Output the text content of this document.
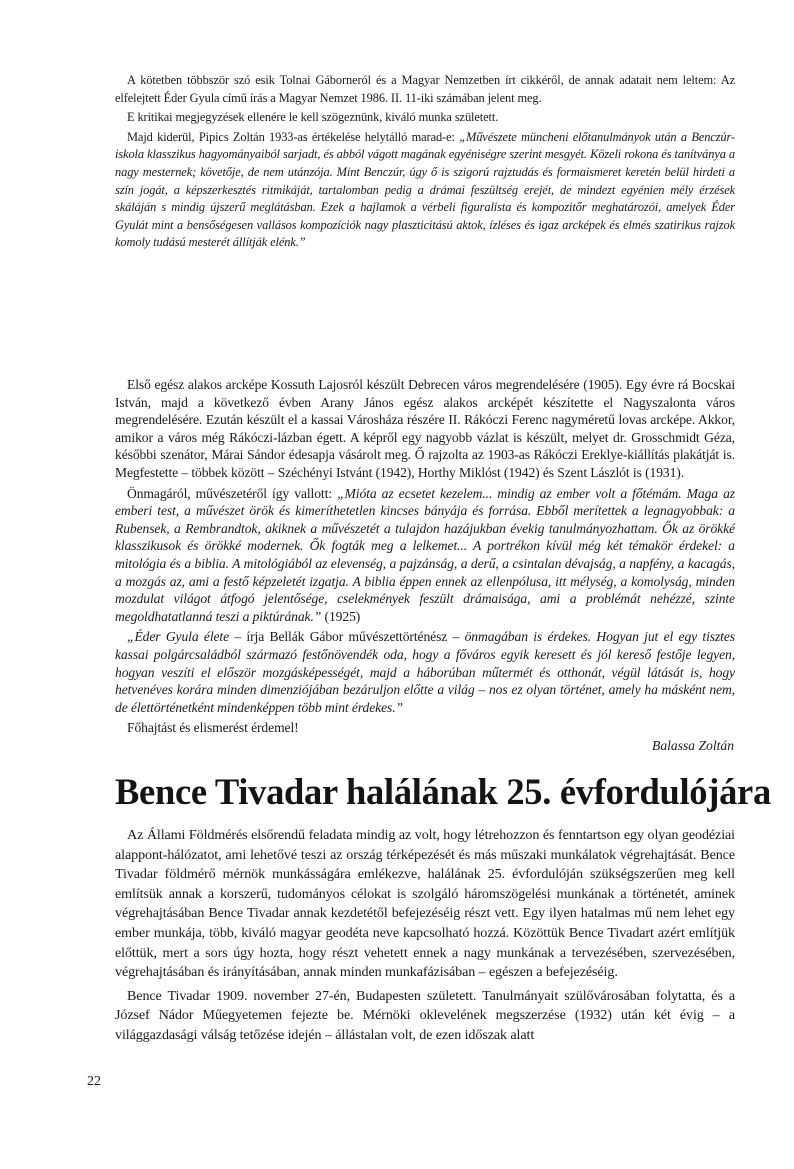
A kötetben többször szó esik Tolnai Gáborneról és a Magyar Nemzetben írt cikkéről, de annak adatait nem leltem: Az elfelejtett Éder Gyula című írás a Magyar Nemzet 1986. II. 11-iki számában jelent meg.

E kritikai megjegyzések ellenére le kell szögeznünk, kiváló munka született.

Majd kiderül, Pipics Zoltán 1933-as értékelése helytálló marad-e: „Művészete müncheni előtanulmányok után a Benczúr-iskola klasszikus hagyományaiból sarjadt, és abból vágott magának egyéniségre szerint mesgyét. Közeli rokona és tanítványa a nagy mesternek; követője, de nem utánzója. Mint Benczúr, úgy ő is szigorú rajztudás és formaismeret keretén belül hirdeti a szín jogát, a képszerkesztés ritmikáját, tartalomban pedig a drámai feszültség erejét, de mindezt egyénien mély érzések skáláján s mindig újszerű meglátásban. Ezek a hajlamok a vérbeli figuralista és kompozitőr meghatározói, amelyek Éder Gyulát mint a bensőségesen vallásos kompozíciók nagy plaszticitású aktok, ízléses és igaz arcképek és elmés szatirikus rajzok komoly tudású mesterét állítják elénk.”

Első egész alakos arcképe Kossuth Lajosról készült Debrecen város megrendelésére (1905). Egy évre rá Bocskai István, majd a következő évben Arany János egész alakos arcképét készítette el Nagyszalonta város megrendelésére. Ezután készült el a kassai Városháza részére II. Rákóczi Ferenc nagyméretű lovas arcképe. Akkor, amikor a város még Rákóczi-lázban égett. A képről egy nagyobb vázlat is készült, melyet dr. Grosschmidt Géza, későbbi szenátor, Márai Sándor édesapja vásárolt meg. Ő rajzolta az 1903-as Rákóczi Ereklye-kiállítás plakátját is. Megfestette – többek között – Széchényi Istvánt (1942), Horthy Miklóst (1942) és Szent Lászlót is (1931).

Önmagáról, művészetéről így vallott: „Mióta az ecsetet kezelem... mindig az ember volt a főtémám. Maga az emberi test, a művészet örök és kimeríthetetlen kincses bányája és forrása. Ebből merítettek a legnagyobbak: a Rubensek, a Rembrandtok, akiknek a művészetét a tulajdon hazájukban évekig tanulmányozhattam. Ők az örökké klasszikusok és örökké modernek. Ők fogták meg a lelkemet... A portrékon kívül még két témakör érdekel: a mitológia és a biblia. A mitológiából az elevenség, a pajzánság, a derű, a csintalan dévajság, a napfény, a kacagás, a mozgás az, ami a festő képzeletét izgatja. A biblia éppen ennek az ellenpólusa, itt mélység, a komolyság, minden mozdulat világot átfogó jelentősége, cselekmények feszült drámaisága, ami a problémát nehézzé, szinte megoldhatatlanná teszi a piktúrának.” (1925)

„Éder Gyula élete – írja Bellák Gábor művészettörténész – önmagában is érdekes. Hogyan jut el egy tisztes kassai polgárcsaládból származó festőnövendék oda, hogy a főváros egyik keresett és jól kereső festője legyen, hogyan veszíti el először mozgásképességét, majd a háborúban műtermét és otthonát, végül látását is, hogy hetvenéves korára minden dimenziójában bezáruljon előtte a világ – nos ez olyan történet, amely ha másként nem, de élettörténetként mindenképpen több mint érdekes.”

Főhajtást és elismerést érdemel!

Balassa Zoltán
Bence Tivadar halálának 25. évfordulójára

Az Állami Földmérés elsőrendű feladata mindig az volt, hogy létrehozzon és fenntartson egy olyan geodéziai alappont-hálózatot, ami lehetővé teszi az ország térképezését és más műszaki munkálatok végrehajtását. Bence Tivadar földmérő mérnök munkásságára emlékezve, halálának 25. évfordulóján szükségszerűen meg kell említsük annak a korszerű, tudományos célokat is szolgáló háromszögelési munkának a történetét, aminek végrehajtásában Bence Tivadar annak kezdetétől befejezéséig részt vett. Egy ilyen hatalmas mű nem lehet egy ember munkája, több, kiváló magyar geodéta neve kapcsolható hozzá. Közöttük Bence Tivadart azért említjük előttük, mert a sors úgy hozta, hogy részt vehetett ennek a nagy munkának a tervezésében, szervezésében, végrehajtásában és irányításában, annak minden munkafázisában – egészen a befejezéséig.

Bence Tivadar 1909. november 27-én, Budapesten született. Tanulmányait szülővárosában folytatta, és a József Nádor Műegyetemen fejezte be. Mérnöki oklevelének megszerzése (1932) után két évig – a világgazdasági válság tetőzése idején – állástalan volt, de ezen időszak alatt

22
